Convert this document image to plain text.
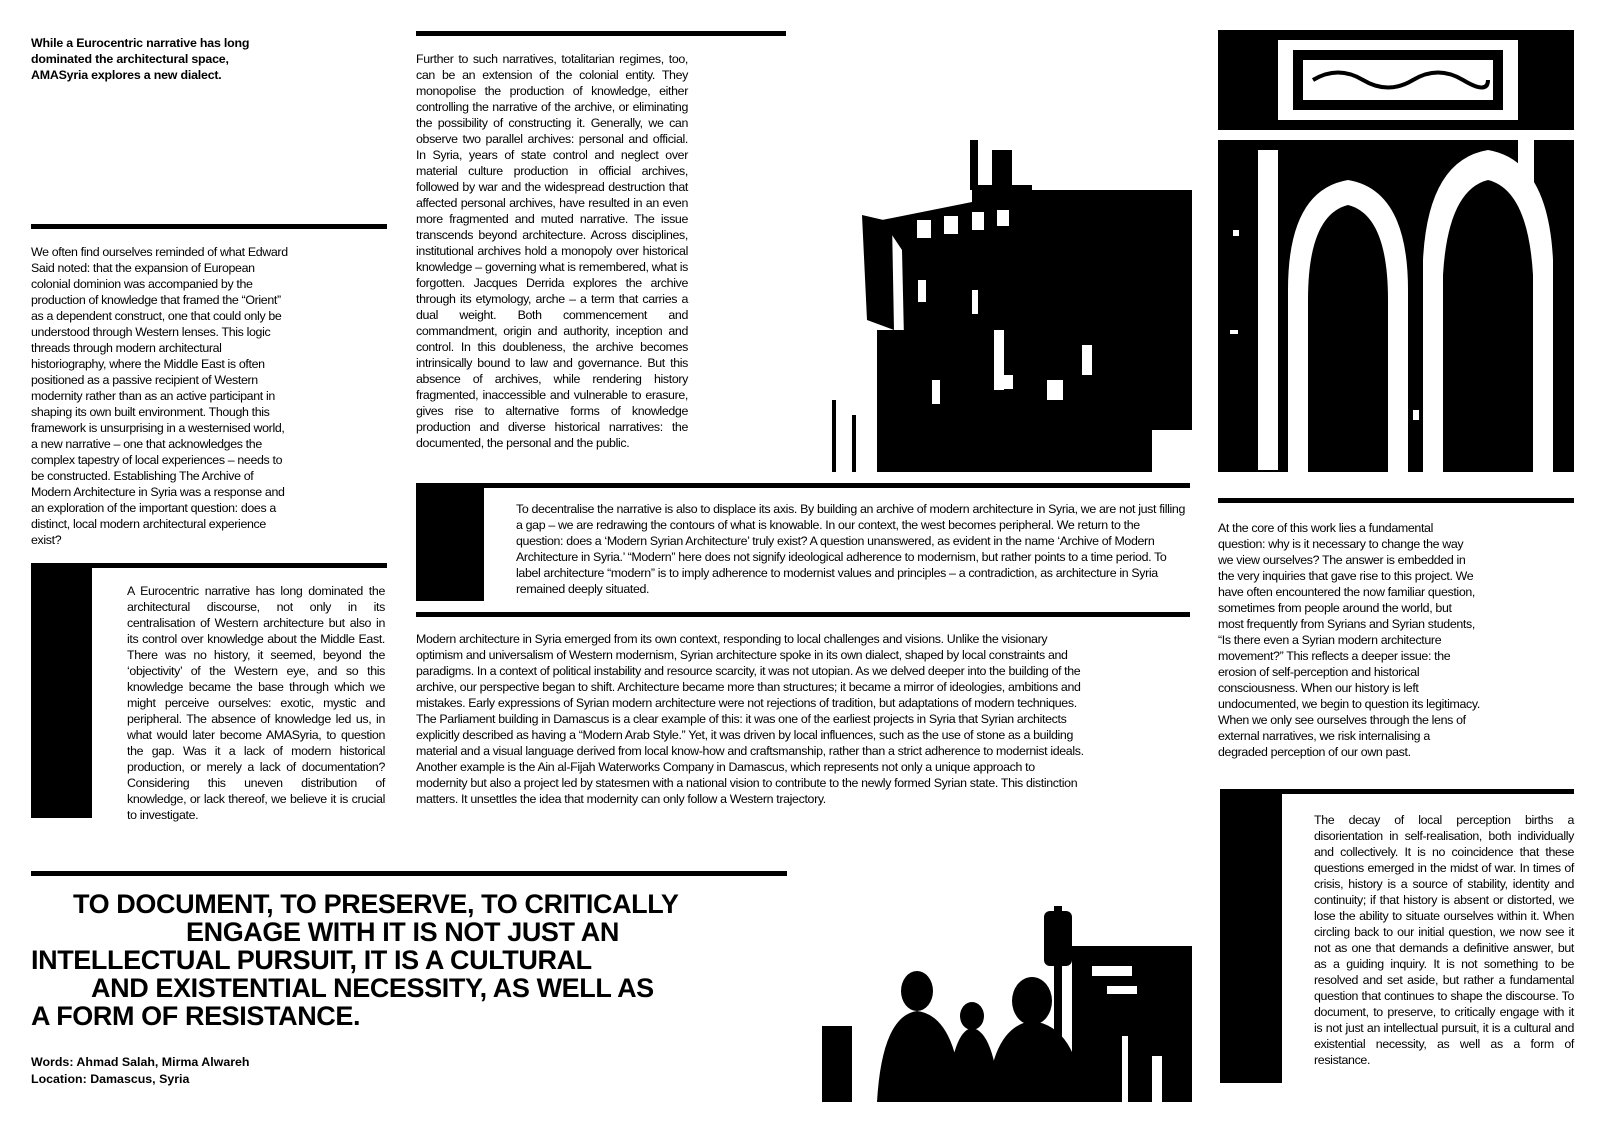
While a Eurocentric narrative has long dominated the architectural space, AMASyria explores a new dialect.

We often find ourselves reminded of what Edward Said noted: that the expansion of European colonial dominion was accompanied by the production of knowledge that framed the “Orient” as a dependent construct, one that could only be understood through Western lenses. This logic threads through modern architectural historiography, where the Middle East is often positioned as a passive recipient of Western modernity rather than as an active participant in shaping its own built environment. Though this framework is unsurprising in a westernised world, a new narrative – one that acknowledges the complex tapestry of local experiences – needs to be constructed. Establishing The Archive of Modern Architecture in Syria was a response and an exploration of the important question: does a distinct, local modern architectural experience exist?

A Eurocentric narrative has long dominated the architectural discourse, not only in its centralisation of Western architecture but also in its control over knowledge about the Middle East. There was no history, it seemed, beyond the ‘objectivity’ of the Western eye, and so this knowledge became the base through which we might perceive ourselves: exotic, mystic and peripheral. The absence of knowledge led us, in what would later become AMASyria, to question the gap. Was it a lack of modern historical production, or merely a lack of documentation? Considering this uneven distribution of knowledge, or lack thereof, we believe it is crucial to investigate.

Further to such narratives, totalitarian regimes, too, can be an extension of the colonial entity. They monopolise the production of knowledge, either controlling the narrative of the archive, or eliminating the possibility of constructing it. Generally, we can observe two parallel archives: personal and official. In Syria, years of state control and neglect over material culture production in official archives, followed by war and the widespread destruction that affected personal archives, have resulted in an even more fragmented and muted narrative. The issue transcends beyond architecture. Across disciplines, institutional archives hold a monopoly over historical knowledge – governing what is remembered, what is forgotten. Jacques Derrida explores the archive through its etymology, arche – a term that carries a dual weight. Both commencement and commandment, origin and authority, inception and control. In this doubleness, the archive becomes intrinsically bound to law and governance. But this absence of archives, while rendering history fragmented, inaccessible and vulnerable to erasure, gives rise to alternative forms of knowledge production and diverse historical narratives: the documented, the personal and the public.

To decentralise the narrative is also to displace its axis. By building an archive of modern architecture in Syria, we are not just filling a gap – we are redrawing the contours of what is knowable. In our context, the west becomes peripheral. We return to the question: does a ‘Modern Syrian Architecture’ truly exist? A question unanswered, as evident in the name ‘Archive of Modern Architecture in Syria.’ “Modern” here does not signify ideological adherence to modernism, but rather points to a time period. To label architecture “modern” is to imply adherence to modernist values and principles – a contradiction, as architecture in Syria remained deeply situated.

Modern architecture in Syria emerged from its own context, responding to local challenges and visions. Unlike the visionary optimism and universalism of Western modernism, Syrian architecture spoke in its own dialect, shaped by local constraints and paradigms. In a context of political instability and resource scarcity, it was not utopian. As we delved deeper into the building of the archive, our perspective began to shift. Architecture became more than structures; it became a mirror of ideologies, ambitions and mistakes. Early expressions of Syrian modern architecture were not rejections of tradition, but adaptations of modern techniques. The Parliament building in Damascus is a clear example of this: it was one of the earliest projects in Syria that Syrian architects explicitly described as having a “Modern Arab Style.” Yet, it was driven by local influences, such as the use of stone as a building material and a visual language derived from local know-how and craftsmanship, rather than a strict adherence to modernist ideals. Another example is the Ain al-Fijah Waterworks Company in Damascus, which represents not only a unique approach to modernity but also a project led by statesmen with a national vision to contribute to the newly formed Syrian state. This distinction matters. It unsettles the idea that modernity can only follow a Western trajectory.

At the core of this work lies a fundamental question: why is it necessary to change the way we view ourselves? The answer is embedded in the very inquiries that gave rise to this project. We have often encountered the now familiar question, sometimes from people around the world, but most frequently from Syrians and Syrian students, “Is there even a Syrian modern architecture movement?” This reflects a deeper issue: the erosion of self-perception and historical consciousness. When our history is left undocumented, we begin to question its legitimacy. When we only see ourselves through the lens of external narratives, we risk internalising a degraded perception of our own past.

The decay of local perception births a disorientation in self-realisation, both individually and collectively. It is no coincidence that these questions emerged in the midst of war. In times of crisis, history is a source of stability, identity and continuity; if that history is absent or distorted, we lose the ability to situate ourselves within it. When circling back to our initial question, we now see it not as one that demands a definitive answer, but as a guiding inquiry. It is not something to be resolved and set aside, but rather a fundamental question that continues to shape the discourse. To document, to preserve, to critically engage with it is not just an intellectual pursuit, it is a cultural and existential necessity, as well as a form of resistance.

TO DOCUMENT, TO PRESERVE, TO CRITICALLY
ENGAGE WITH IT IS NOT JUST AN
INTELLECTUAL PURSUIT, IT IS A CULTURAL
AND EXISTENTIAL NECESSITY, AS WELL AS
A FORM OF RESISTANCE.
Words: Ahmad Salah, Mirma Alwareh
Location: Damascus, Syria
